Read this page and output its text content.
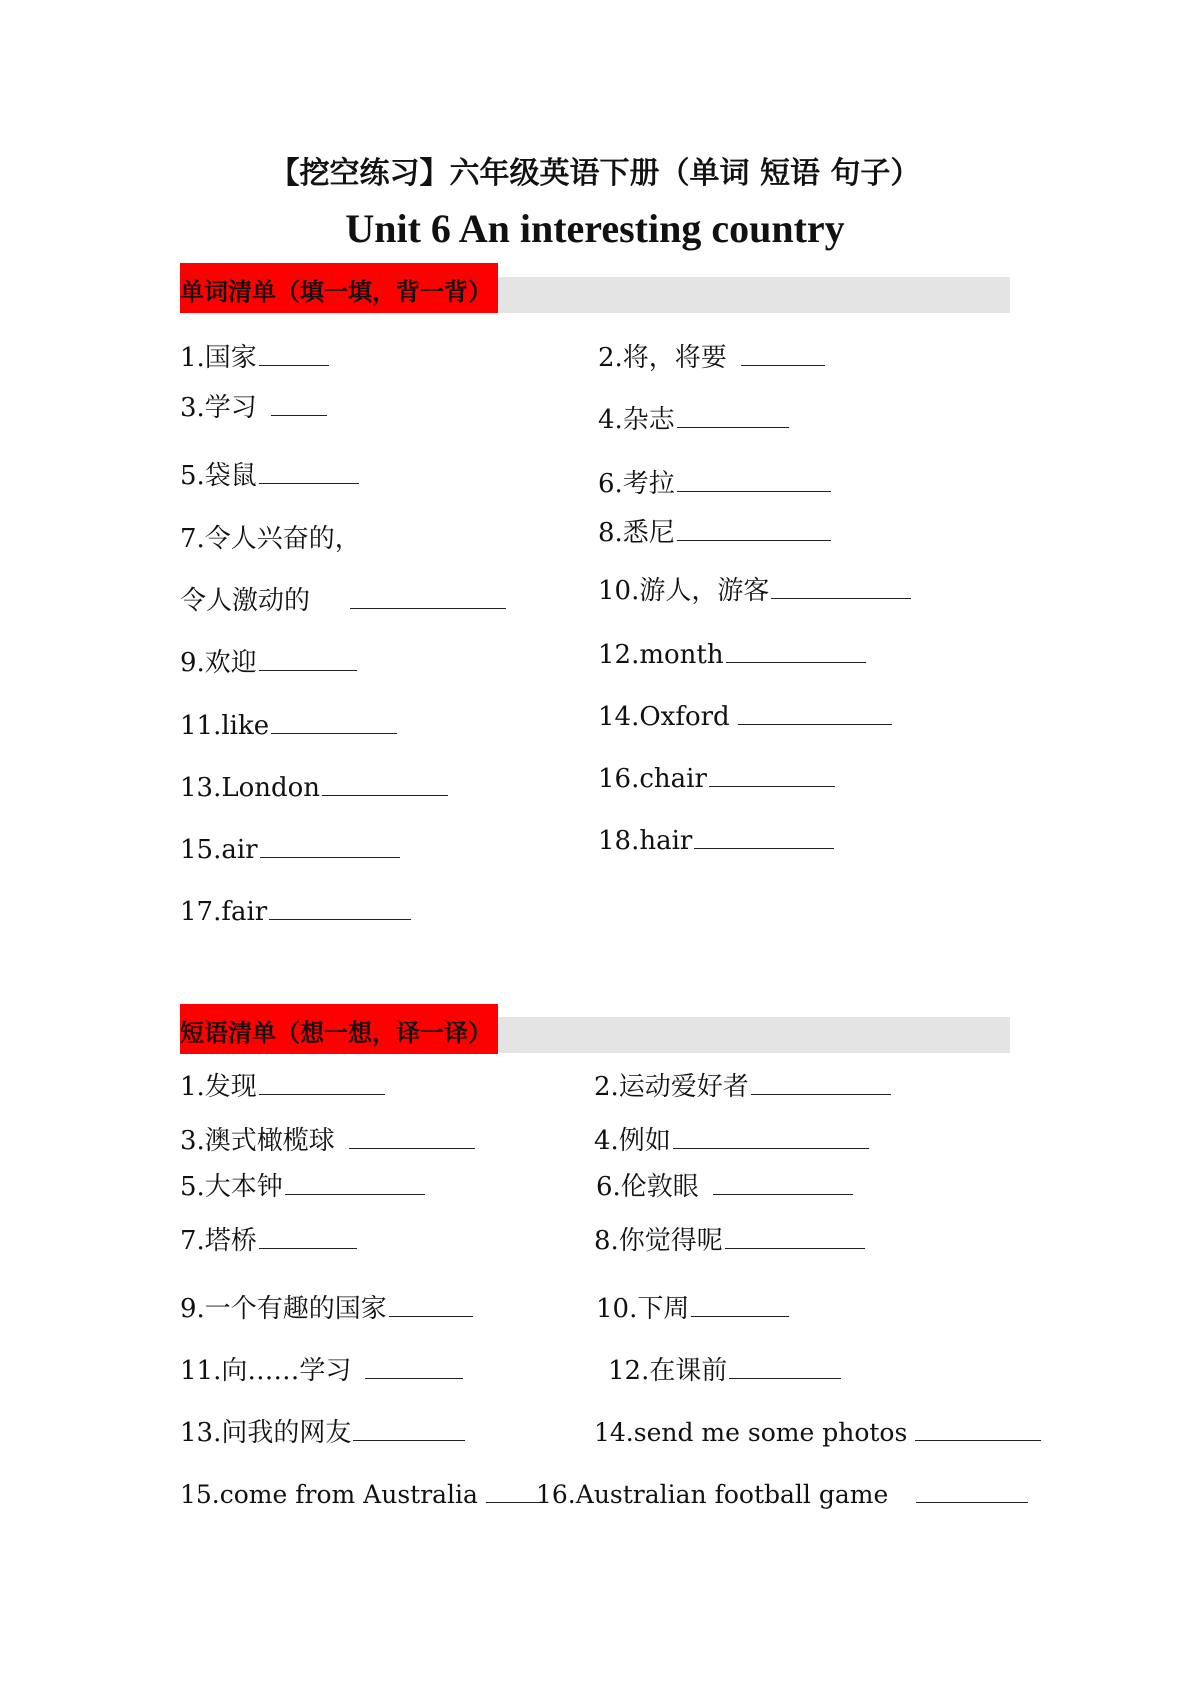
【挖空练习】六年级英语下册（单词 短语 句子）
Unit 6 An interesting country
单词清单（填一填，背一背）
1.国家	2.将，将要
3.学习	4.杂志
5.袋鼠	6.考拉
7.令人兴奋的，	8.悉尼
令人激动的	10.游人，游客
9.欢迎	12.month
11.like	14.Oxford
13.London	16.chair
15.air	18.hair
17.fair
短语清单（想一想，译一译）
1.发现	2.运动爱好者
3.澳式橄榄球	4.例如
5.大本钟	6.伦敦眼
7.塔桥	8.你觉得呢
9.一个有趣的国家	10.下周
11.向……学习	12.在课前
13.问我的网友	14.send me some photos
15.come from Australia	16.Australian football game
